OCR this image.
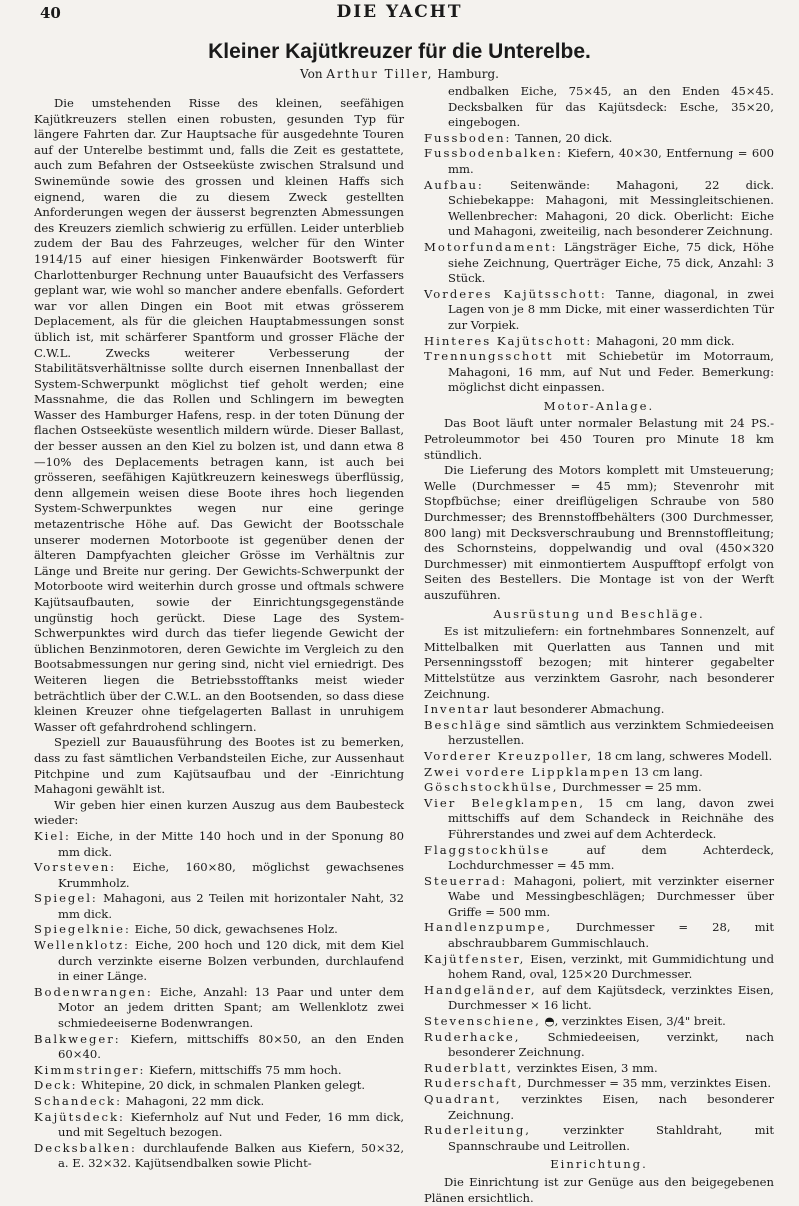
40	DIE YACHT
Kleiner Kajütkreuzer für die Unterelbe.
Von Arthur Tiller, Hamburg.

Die umstehenden Risse des kleinen, seefähigen Kajütkreuzers stellen einen robusten, gesunden Typ für längere Fahrten dar. Zur Hauptsache für ausgedehnte Touren auf der Unterelbe bestimmt und, falls die Zeit es gestattete, auch zum Befahren der Ostseeküste zwischen Stralsund und Swinemünde sowie des grossen und kleinen Haffs sich eignend, waren die zu diesem Zweck gestellten Anforderungen wegen der äusserst begrenzten Abmessungen des Kreuzers ziemlich schwierig zu erfüllen. Leider unterblieb zudem der Bau des Fahrzeuges, welcher für den Winter 1914/15 auf einer hiesigen Finkenwärder Bootswerft für Charlottenburger Rechnung unter Bauaufsicht des Verfassers geplant war, wie wohl so mancher andere ebenfalls. Gefordert war vor allen Dingen ein Boot mit etwas grösserem Deplacement, als für die gleichen Hauptabmessungen sonst üblich ist, mit schärferer Spantform und grosser Fläche der C.W.L. Zwecks weiterer Verbesserung der Stabilitätsverhältnisse sollte durch eisernen Innenballast der System-Schwerpunkt möglichst tief geholt werden; eine Massnahme, die das Rollen und Schlingern im bewegten Wasser des Hamburger Hafens, resp. in der toten Dünung der flachen Ostseeküste wesentlich mildern würde. Dieser Ballast, der besser aussen an den Kiel zu bolzen ist, und dann etwa 8—10% des Deplacements betragen kann, ist auch bei grösseren, seefähigen Kajütkreuzern keineswegs überflüssig, denn allgemein weisen diese Boote ihres hoch liegenden System-Schwerpunktes wegen nur eine geringe metazentrische Höhe auf. Das Gewicht der Bootsschale unserer modernen Motorboote ist gegenüber denen der älteren Dampfyachten gleicher Grösse im Verhältnis zur Länge und Breite nur gering. Der Gewichts-Schwerpunkt der Motorboote wird weiterhin durch grosse und oftmals schwere Kajütsaufbauten, sowie der Einrichtungsgegenstände ungünstig hoch gerückt. Diese Lage des System-Schwerpunktes wird durch das tiefer liegende Gewicht der üblichen Benzinmotoren, deren Gewichte im Vergleich zu den Bootsabmessungen nur gering sind, nicht viel erniedrigt. Des Weiteren liegen die Betriebsstofftanks meist wieder beträchtlich über der C.W.L. an den Bootsenden, so dass diese kleinen Kreuzer ohne tiefgelagerten Ballast in unruhigem Wasser oft gefahrdrohend schlingern.

Speziell zur Bauausführung des Bootes ist zu bemerken, dass zu fast sämtlichen Verbandsteilen Eiche, zur Aussenhaut Pitchpine und zum Kajütsaufbau und der -Einrichtung Mahagoni gewählt ist.

Wir geben hier einen kurzen Auszug aus dem Baubesteck wieder:

Kiel: Eiche, in der Mitte 140 hoch und in der Sponung 80 mm dick.

Vorsteven: Eiche, 160×80, möglichst gewachsenes Krummholz.

Spiegel: Mahagoni, aus 2 Teilen mit horizontaler Naht, 32 mm dick.

Spiegelknie: Eiche, 50 dick, gewachsenes Holz.

Wellenklotz: Eiche, 200 hoch und 120 dick, mit dem Kiel durch verzinkte eiserne Bolzen verbunden, durchlaufend in einer Länge.

Bodenwrangen: Eiche, Anzahl: 13 Paar und unter dem Motor an jedem dritten Spant; am Wellenklotz zwei schmiedeeiserne Bodenwrangen.

Balkweger: Kiefern, mittschiffs 80×50, an den Enden 60×40.

Kimmstringer: Kiefern, mittschiffs 75 mm hoch.

Deck: Whitepine, 20 dick, in schmalen Planken gelegt.

Schandeck: Mahagoni, 22 mm dick.

Kajütsdeck: Kiefernholz auf Nut und Feder, 16 mm dick, und mit Segeltuch bezogen.

Decksbalken: durchlaufende Balken aus Kiefern, 50×32, a. E. 32×32. Kajütsendbalken sowie Plicht-

endbalken Eiche, 75×45, an den Enden 45×45. Decksbalken für das Kajütsdeck: Esche, 35×20, eingebogen.

Fussboden: Tannen, 20 dick.

Fussbodenbalken: Kiefern, 40×30, Entfernung = 600 mm.

Aufbau: Seitenwände: Mahagoni, 22 dick. Schiebekappe: Mahagoni, mit Messingleitschienen. Wellenbrecher: Mahagoni, 20 dick. Oberlicht: Eiche und Mahagoni, zweiteilig, nach besonderer Zeichnung.

Motorfundament: Längsträger Eiche, 75 dick, Höhe siehe Zeichnung, Querträger Eiche, 75 dick, Anzahl: 3 Stück.

Vorderes Kajütsschott: Tanne, diagonal, in zwei Lagen von je 8 mm Dicke, mit einer wasserdichten Tür zur Vorpiek.

Hinteres Kajütschott: Mahagoni, 20 mm dick.

Trennungsschott mit Schiebetür im Motorraum, Mahagoni, 16 mm, auf Nut und Feder. Bemerkung: möglichst dicht einpassen.

Motor-Anlage.

Das Boot läuft unter normaler Belastung mit 24 PS.-Petroleummotor bei 450 Touren pro Minute 18 km stündlich.

Die Lieferung des Motors komplett mit Umsteuerung; Welle (Durchmesser = 45 mm); Stevenrohr mit Stopfbüchse; einer dreiflügeligen Schraube von 580 Durchmesser; des Brennstoffbehälters (300 Durchmesser, 800 lang) mit Decksverschraubung und Brennstoffleitung; des Schornsteins, doppelwandig und oval (450×320 Durchmesser) mit einmontiertem Auspufftopf erfolgt von Seiten des Bestellers. Die Montage ist von der Werft auszuführen.

Ausrüstung und Beschläge.

Es ist mitzuliefern: ein fortnehmbares Sonnenzelt, auf Mittelbalken mit Querlatten aus Tannen und mit Persenningsstoff bezogen; mit hinterer gegabelter Mittelstütze aus verzinktem Gasrohr, nach besonderer Zeichnung.

Inventar laut besonderer Abmachung.

Beschläge sind sämtlich aus verzinktem Schmiedeeisen herzustellen.

Vorderer Kreuzpoller, 18 cm lang, schweres Modell.

Zwei vordere Lippklampen 13 cm lang.

Göschstockhülse, Durchmesser = 25 mm.

Vier Belegklampen, 15 cm lang, davon zwei mittschiffs auf dem Schandeck in Reichnähe des Führerstandes und zwei auf dem Achterdeck.

Flaggstockhülse	auf dem Achterdeck, Lochdurchmesser = 45 mm.

Steuerrad: Mahagoni, poliert, mit verzinkter eiserner Wabe und Messingbeschlägen; Durchmesser über Griffe = 500 mm.

Handlenzpumpe, Durchmesser = 28, mit abschraubbarem Gummischlauch.

Kajütfenster, Eisen, verzinkt, mit Gummidichtung und hohem Rand, oval, 125×20 Durchmesser.

Handgeländer, auf dem Kajütsdeck, verzinktes Eisen, Durchmesser × 16 licht.

Stevenschiene, ◓, verzinktes Eisen, 3/4" breit.

Ruderhacke, Schmiedeeisen, verzinkt, nach besonderer Zeichnung.

Ruderblatt, verzinktes Eisen, 3 mm.

Ruderschaft, Durchmesser = 35 mm, verzinktes Eisen.

Quadrant, verzinktes Eisen, nach besonderer Zeichnung.

Ruderleitung,	verzinkter Stahldraht, mit Spannschraube und Leitrollen.

Einrichtung.

Die Einrichtung ist zur Genüge aus den beigegebenen Plänen ersichtlich.
